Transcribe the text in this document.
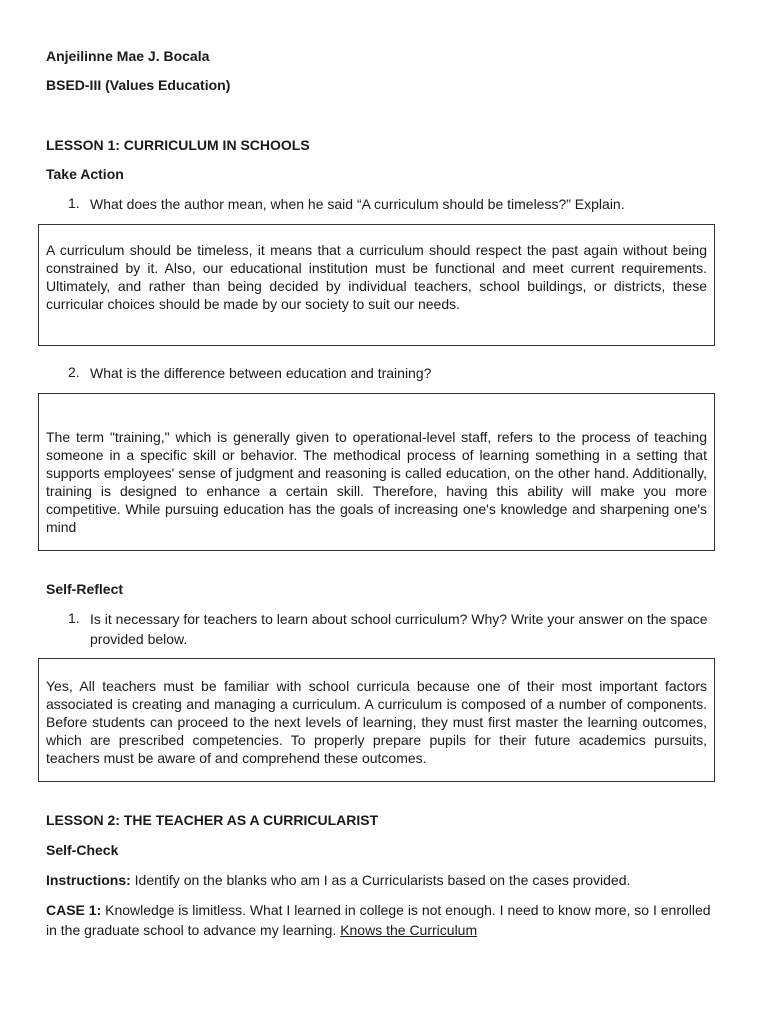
Anjeilinne Mae J. Bocala
BSED-III (Values Education)
LESSON 1: CURRICULUM IN SCHOOLS
Take Action
1. What does the author mean, when he said “A curriculum should be timeless?” Explain.

A curriculum should be timeless, it means that a curriculum should respect the past again without being constrained by it. Also, our educational institution must be functional and meet current requirements. Ultimately, and rather than being decided by individual teachers, school buildings, or districts, these curricular choices should be made by our society to suit our needs.

2. What is the difference between education and training?

The term "training," which is generally given to operational-level staff, refers to the process of teaching someone in a specific skill or behavior. The methodical process of learning something in a setting that supports employees' sense of judgment and reasoning is called education, on the other hand. Additionally, training is designed to enhance a certain skill. Therefore, having this ability will make you more competitive. While pursuing education has the goals of increasing one's knowledge and sharpening one's mind

Self-Reflect
1. Is it necessary for teachers to learn about school curriculum? Why? Write your answer on the space provided below.

Yes, All teachers must be familiar with school curricula because one of their most important factors associated is creating and managing a curriculum. A curriculum is composed of a number of components. Before students can proceed to the next levels of learning, they must first master the learning outcomes, which are prescribed competencies. To properly prepare pupils for their future academics pursuits, teachers must be aware of and comprehend these outcomes.

LESSON 2: THE TEACHER AS A CURRICULARIST
Self-Check
Instructions: Identify on the blanks who am I as a Curricularists based on the cases provided.
CASE 1: Knowledge is limitless. What I learned in college is not enough. I need to know more, so I enrolled in the graduate school to advance my learning. Knows the Curriculum
